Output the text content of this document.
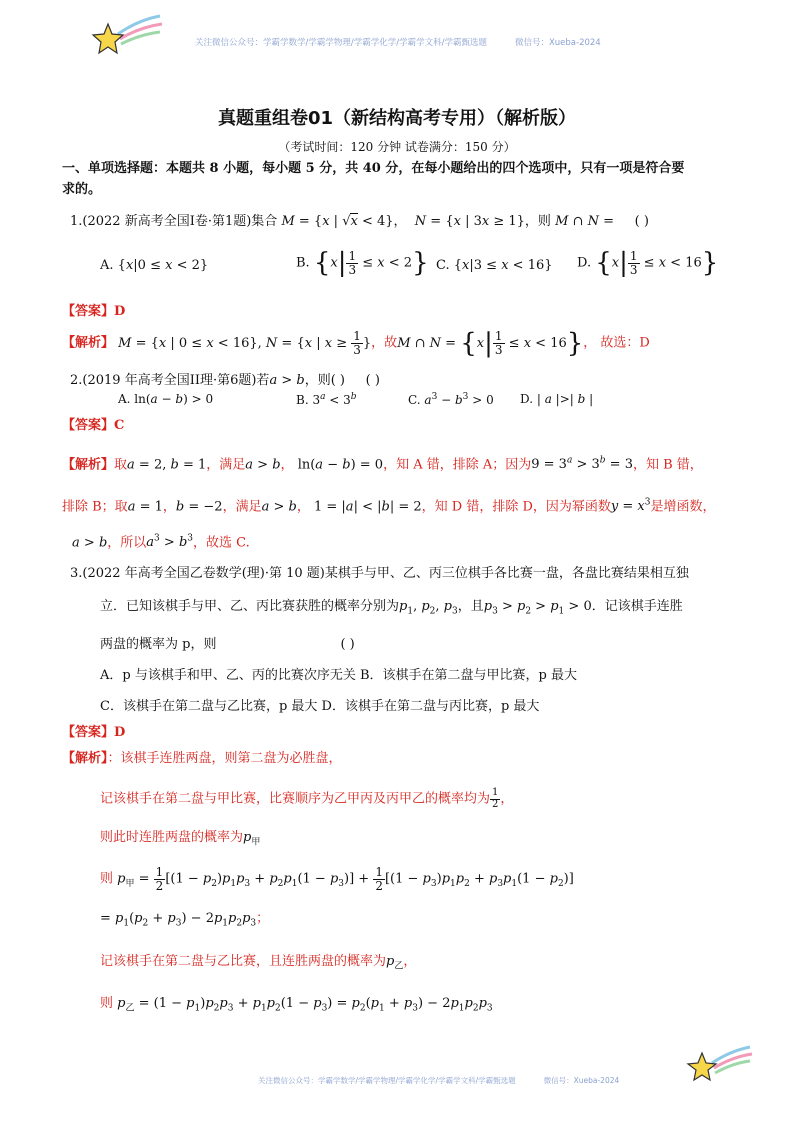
关注微信公众号：学霸学数学/学霸学物理/学霸学化学/学霸学文科/学霸甄选题	微信号：Xueba-2024
真题重组卷01（新结构高考专用）（解析版）
（考试时间：120 分钟 试卷满分：150 分）
一、单项选择题：本题共 8 小题，每小题 5 分，共 40 分，在每小题给出的四个选项中，只有一项是符合要
求的。
1.(2022 新高考全国I卷·第1题)集合 M = {x | √x < 4}，  N = {x | 3x ≥ 1}，则 M ∩ N =     ( )
A. {x|0 ≤ x < 2}	B. $\{x| \frac{1}{3} \le x < 2\}$ C. {x|3 ≤ x < 16} D. $\{x| \frac{1}{3} \le x < 16\}$
【答案】D
【解析】 M = {x | 0 ≤ x < 16}, N = {x | $x \ge \frac{1}{3}$ }，故M ∩ $N = \{x| \frac{1}{3} \le x < 16\}$， 故选：D
2.(2019 年高考全国II理·第6题)若a > b，则( ) ( )
A. ln(a − b) > 0	B. $3^a < 3^b$	C. $a^3 - b^3 > 0$ D. | a |>| b |
【答案】C
【解析】取a = 2, b = 1，满足a > b， ln(a − b) = 0，知 A 错，排除 A；因为$9 = 3^a > 3^b = 3$，知 B 错，
排除 B；取a = 1，b = −2，满足a > b， 1 = |a| < |b| = 2，知 D 错，排除 D，因为幂函数$y = x^3$是增函数，
a > b，所以$a^3 > b^3$，故选 C.
3.(2022 年高考全国乙卷数学(理)·第 10 题)某棋手与甲、乙、丙三位棋手各比赛一盘，各盘比赛结果相互独
立．已知该棋手与甲、乙、丙比赛获胜的概率分别为$p_1$, $p_2$, $p_3$，且$p_3 > p_2 > p_1 > 0$．记该棋手连胜
两盘的概率为 p，则	( )
A．p 与该棋手和甲、乙、丙的比赛次序无关 B．该棋手在第二盘与甲比赛，p 最大
C．该棋手在第二盘与乙比赛，p 最大 D．该棋手在第二盘与丙比赛，p 最大
【答案】D
【解析】：该棋手连胜两盘，则第二盘为必胜盘，
记该棋手在第二盘与甲比赛，比赛顺序为乙甲丙及丙甲乙的概率均为 $\frac{1}{2}$ ，
则此时连胜两盘的概率为$p_甲$
则 $p_甲 = \frac{1}{2} [(1 - p_2)p_1p_3 + p_2p_1(1 - p_3)] + \frac{1}{2} [(1 - p_3)p_1p_2 + p_3p_1(1 - p_2)]$
= $p_1(p_2 + p_3) - 2p_1p_2p_3$；
记该棋手在第二盘与乙比赛，且连胜两盘的概率为$p_乙$，
则 $p_乙 = (1 - p_1)p_2p_3 + p_1p_2(1 - p_3) = p_2(p_1 + p_3) - 2p_1p_2p_3$
关注微信公众号：学霸学数学/学霸学物理/学霸学化学/学霸学文科/学霸甄选题	微信号：Xueba-2024
